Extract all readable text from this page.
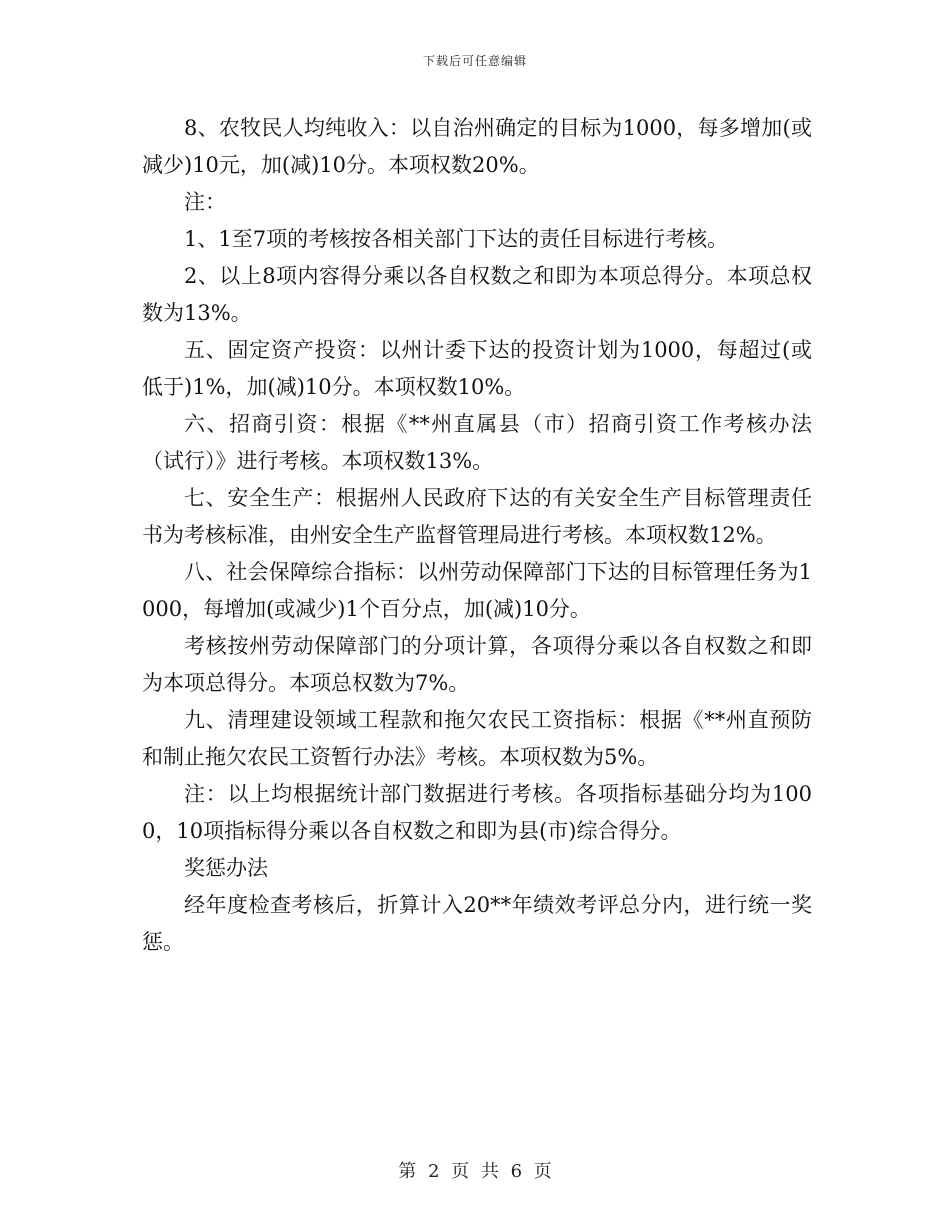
下载后可任意编辑

8、农牧民人均纯收入：以自治州确定的目标为1000，每多增加(或减少)10元，加(减)10分。本项权数20%。

注：

1、1至7项的考核按各相关部门下达的责任目标进行考核。

2、以上8项内容得分乘以各自权数之和即为本项总得分。本项总权数为13%。

五、固定资产投资：以州计委下达的投资计划为1000，每超过(或低于)1%，加(减)10分。本项权数10%。

六、招商引资：根据《**州直属县（市）招商引资工作考核办法（试行）》进行考核。本项权数13%。

七、安全生产：根据州人民政府下达的有关安全生产目标管理责任书为考核标准，由州安全生产监督管理局进行考核。本项权数12%。

八、社会保障综合指标：以州劳动保障部门下达的目标管理任务为1000，每增加(或减少)1个百分点，加(减)10分。

考核按州劳动保障部门的分项计算，各项得分乘以各自权数之和即为本项总得分。本项总权数为7%。

九、清理建设领域工程款和拖欠农民工资指标：根据《**州直预防和制止拖欠农民工资暂行办法》考核。本项权数为5%。

注：以上均根据统计部门数据进行考核。各项指标基础分均为1000，10项指标得分乘以各自权数之和即为县(市)综合得分。

奖惩办法

经年度检查考核后，折算计入20**年绩效考评总分内，进行统一奖惩。

第 2 页 共 6 页
